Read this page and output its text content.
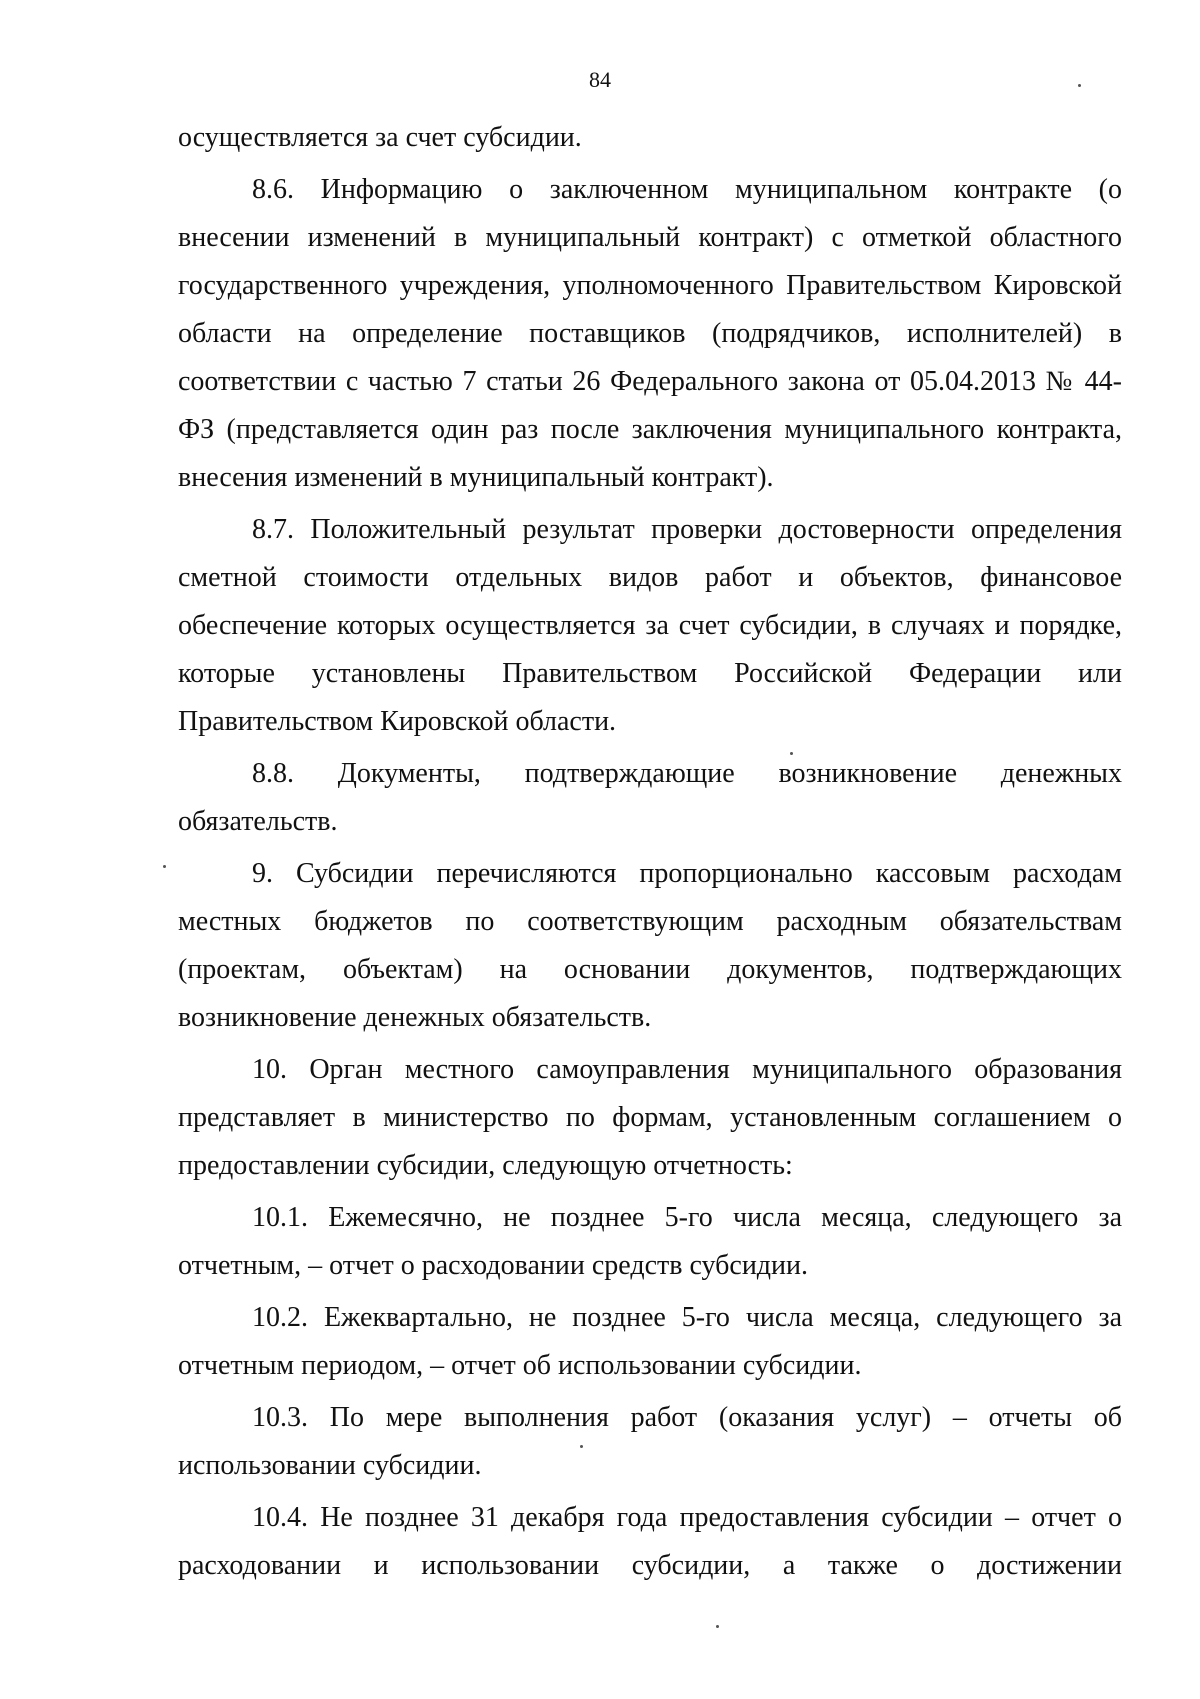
84

осуществляется за счет субсидии.

8.6. Информацию о заключенном муниципальном контракте (о внесении изменений в муниципальный контракт) с отметкой областного государственного учреждения, уполномоченного Правительством Кировской области на определение поставщиков (подрядчиков, исполнителей) в соответствии с частью 7 статьи 26 Федерального закона от 05.04.2013 № 44-ФЗ (представляется один раз после заключения муниципального контракта, внесения изменений в муниципальный контракт).

8.7. Положительный результат проверки достоверности определения сметной стоимости отдельных видов работ и объектов, финансовое обеспечение которых осуществляется за счет субсидии, в случаях и порядке, которые установлены Правительством Российской Федерации или Правительством Кировской области.

8.8. Документы, подтверждающие возникновение денежных обязательств.

9. Субсидии перечисляются пропорционально кассовым расходам местных бюджетов по соответствующим расходным обязательствам (проектам, объектам) на основании документов, подтверждающих возникновение денежных обязательств.

10. Орган местного самоуправления муниципального образования представляет в министерство по формам, установленным соглашением о предоставлении субсидии, следующую отчетность:

10.1. Ежемесячно, не позднее 5-го числа месяца, следующего за отчетным, – отчет о расходовании средств субсидии.

10.2. Ежеквартально, не позднее 5-го числа месяца, следующего за отчетным периодом, – отчет об использовании субсидии.

10.3. По мере выполнения работ (оказания услуг) – отчеты об использовании субсидии.

10.4. Не позднее 31 декабря года предоставления субсидии – отчет о расходовании и использовании субсидии, а также о достижении
